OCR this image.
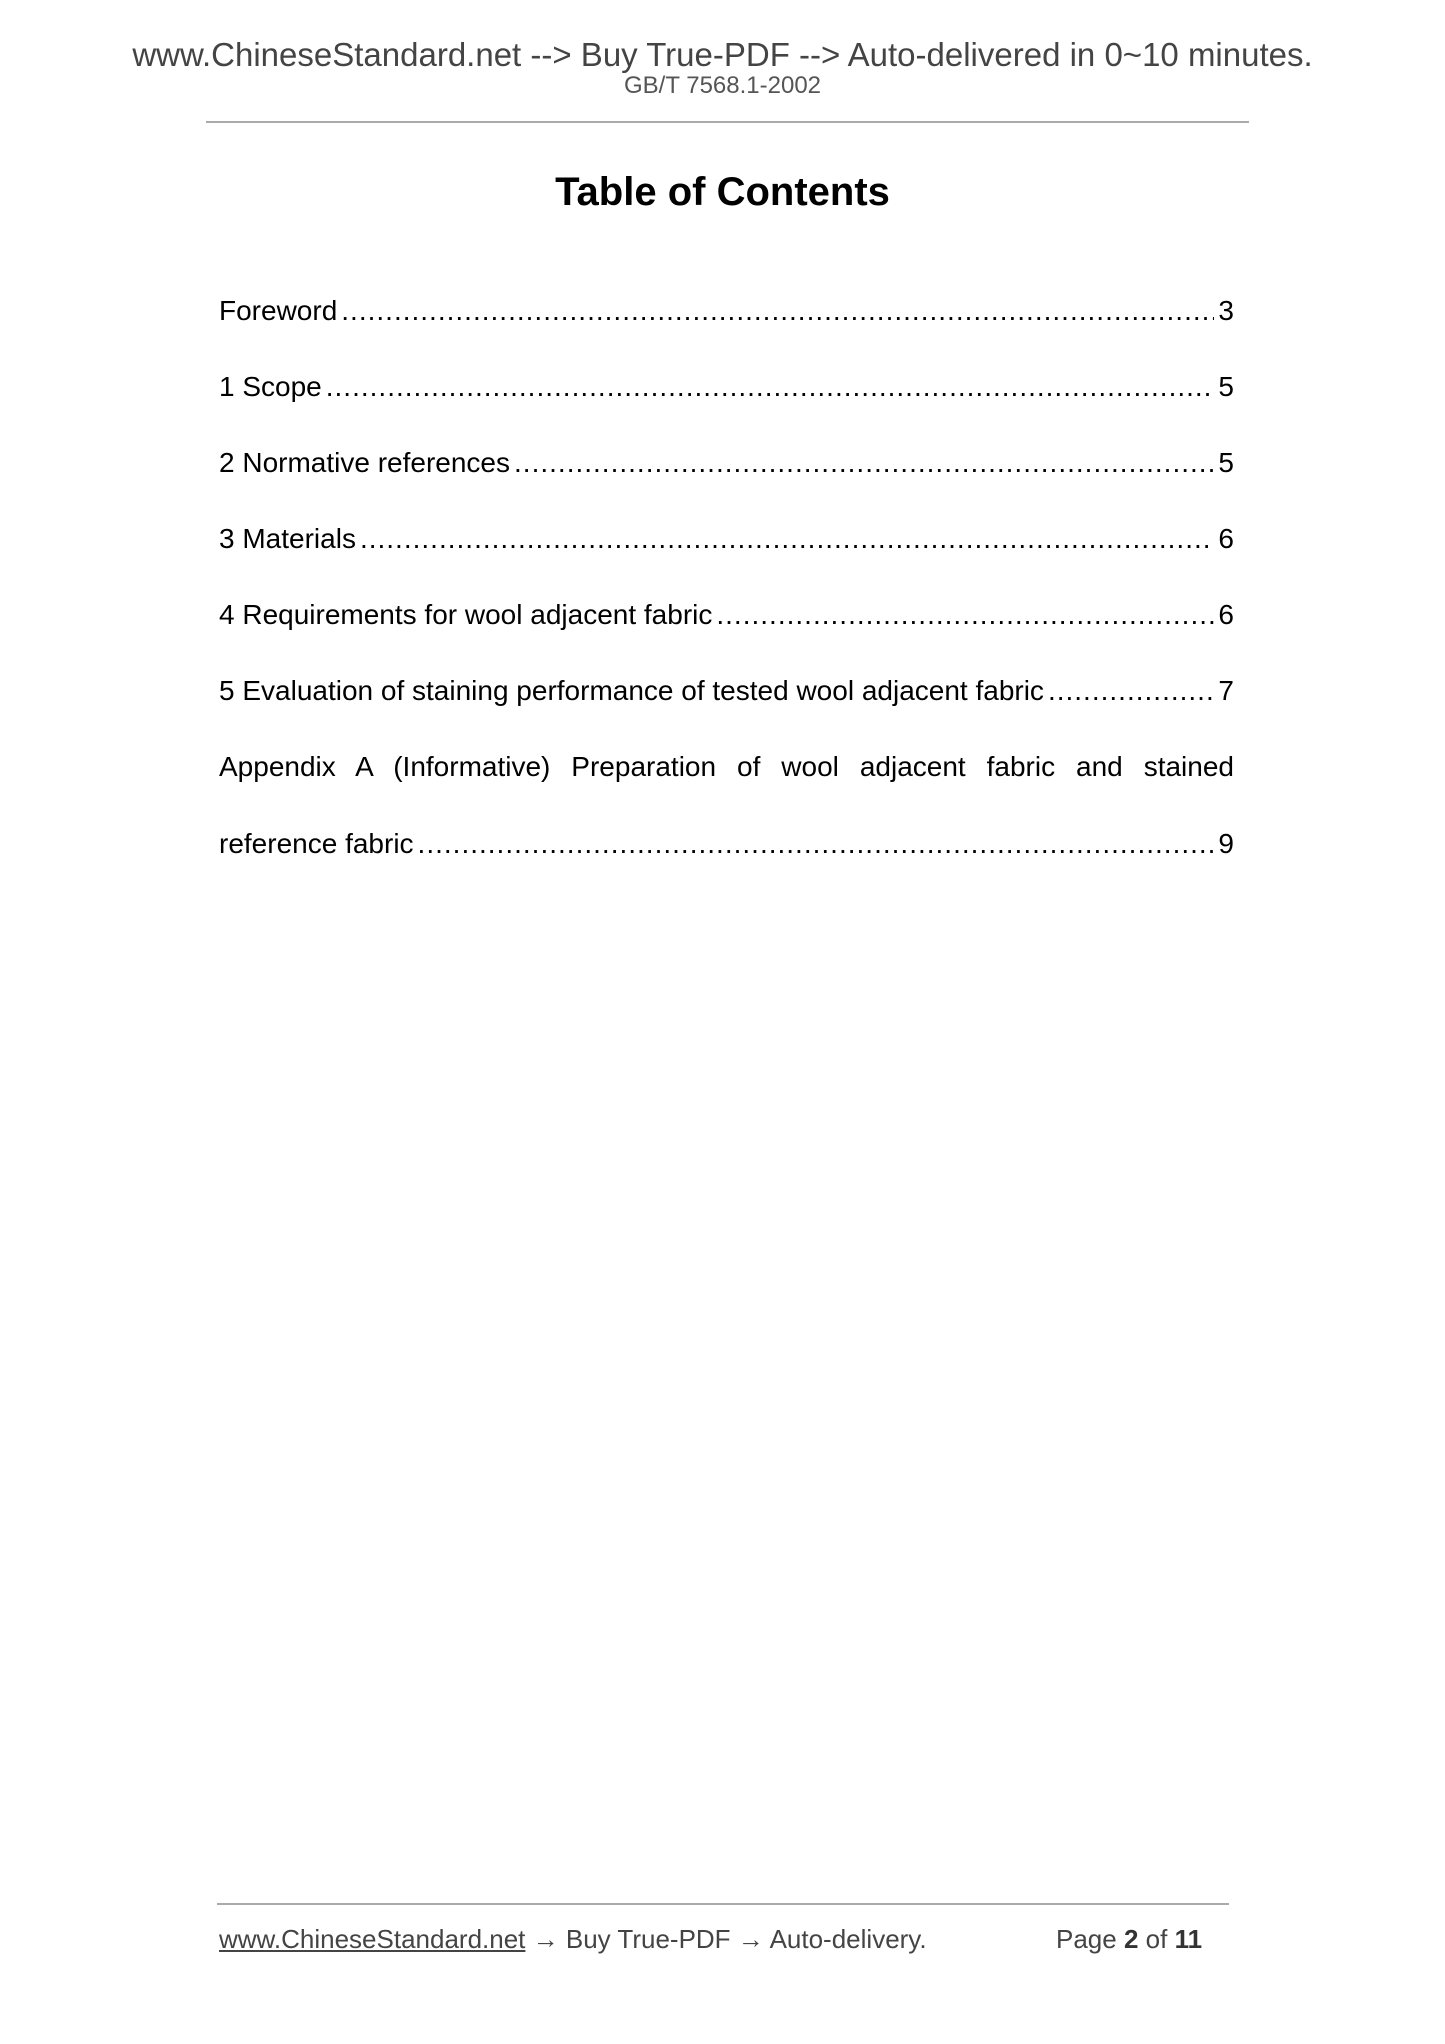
www.ChineseStandard.net --> Buy True-PDF --> Auto-delivered in 0~10 minutes.
GB/T 7568.1-2002
Table of Contents
Foreword .....	3
1 Scope .....	5
2 Normative references .....	5
3 Materials .....	6
4 Requirements for wool adjacent fabric .....	6
5 Evaluation of staining performance of tested wool adjacent fabric .....	7
Appendix A (Informative) Preparation of wool adjacent fabric and stained
reference fabric .....	9
www.ChineseStandard.net → Buy True-PDF → Auto-delivery.	Page 2 of 11
